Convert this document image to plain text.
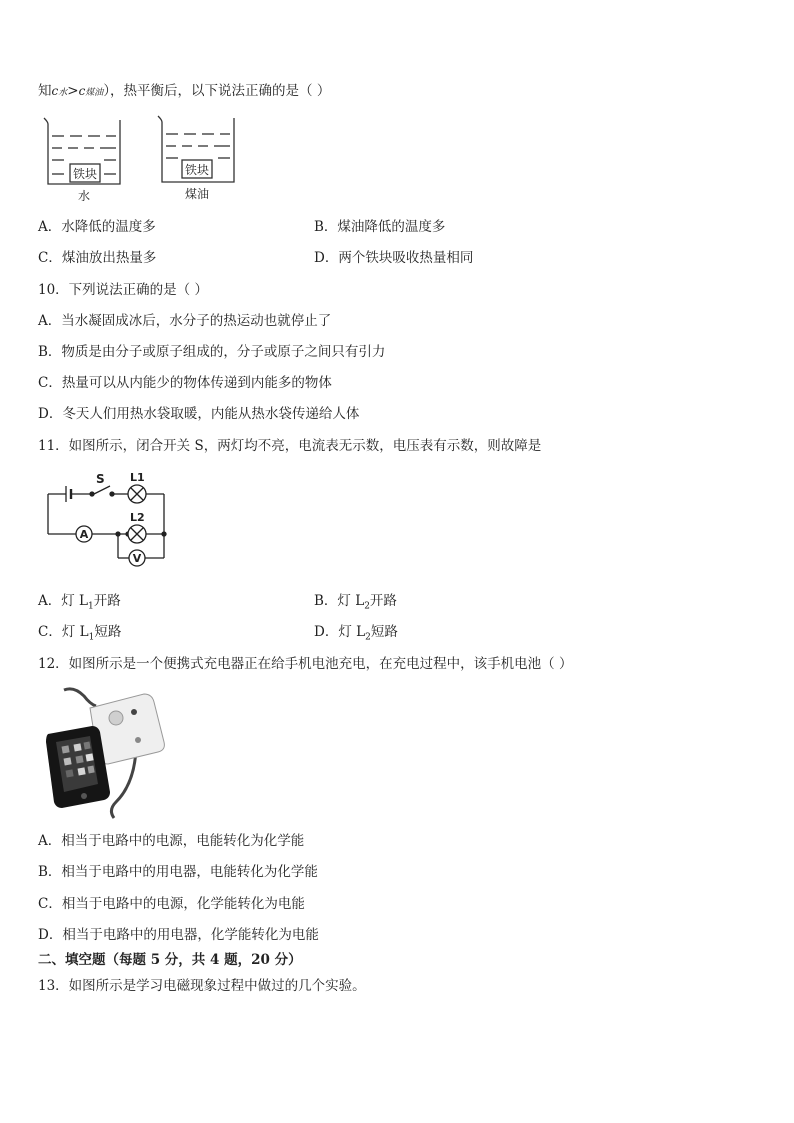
知c水>c煤油），热平衡后，以下说法正确的是（ ）
铁块
水
铁块
煤油
A．水降低的温度多	B．煤油降低的温度多
C．煤油放出热量多	D．两个铁块吸收热量相同
10．下列说法正确的是（ ）
A．当水凝固成冰后，水分子的热运动也就停止了
B．物质是由分子或原子组成的，分子或原子之间只有引力
C．热量可以从内能少的物体传递到内能多的物体
D．冬天人们用热水袋取暖，内能从热水袋传递给人体
11．如图所示，闭合开关 S，两灯均不亮，电流表无示数，电压表有示数，则故障是
S L1
L2
A
V
A．灯 $L_1$开路	B．灯 $L_2$开路
C．灯 $L_1$短路	D．灯 $L_2$短路
12．如图所示是一个便携式充电器正在给手机电池充电，在充电过程中，该手机电池（ ）
A．相当于电路中的电源，电能转化为化学能
B．相当于电路中的用电器，电能转化为化学能
C．相当于电路中的电源，化学能转化为电能
D．相当于电路中的用电器，化学能转化为电能
二、填空题（每题 5 分，共 4 题，20 分）
13．如图所示是学习电磁现象过程中做过的几个实验。
